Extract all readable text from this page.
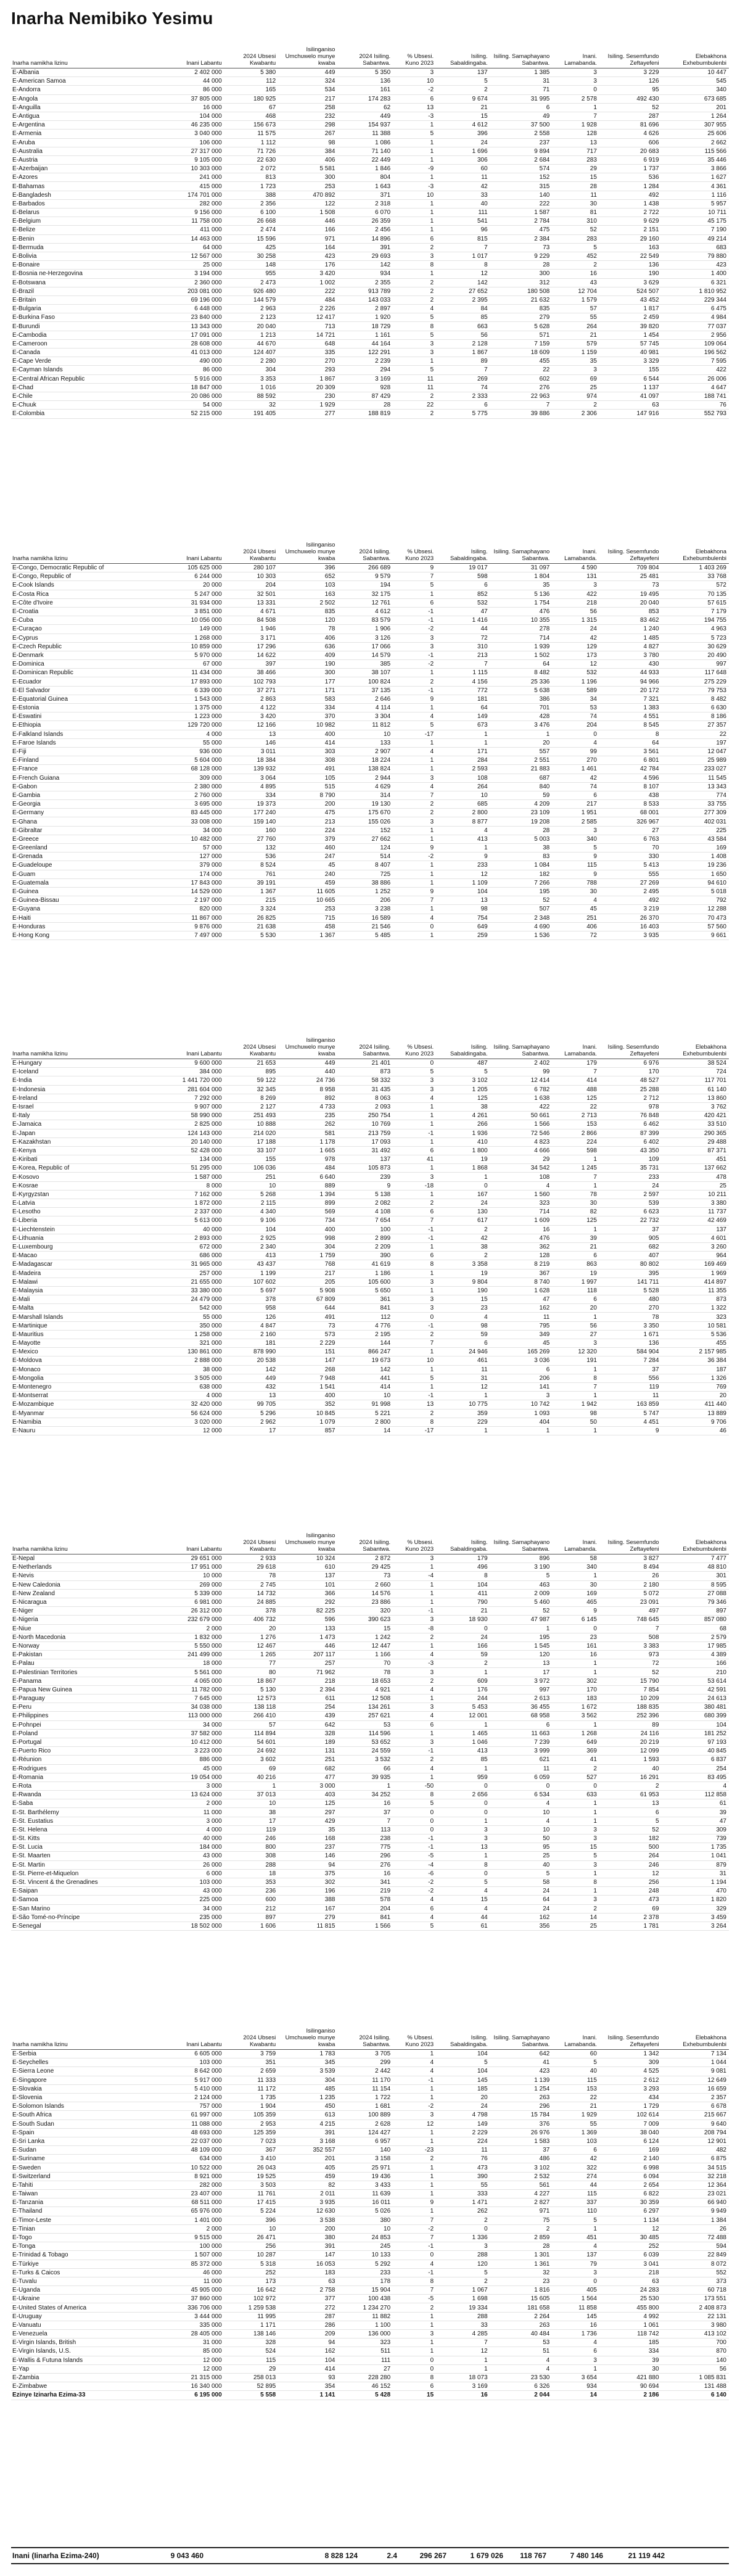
Inarha Nemibiko Yesimu
Inarha namikha lizinu	Inani Labantu	2024 Ubsesi Kwabantu	Isilinganiso Umchuwelo munye kwaba	2024 Isiling. Sabantwa.	% Ubsesi. Kuno 2023	Isiling. Sabaldingaba.	Isiling. Samaphayano Sabantwa.	Inani. Lamabanda.	Isiling. Sesemfundo Zeftayefeni	Elebakhona Exhebumbulenbi
E-Albania	2 402 000	5 380	449	5 350	3	137	1 385	3	3 229	10 447
E-American Samoa	44 000	112	324	136	10	5	31	3	126	545
E-Andorra	86 000	165	534	161	-2	2	71	0	95	340
E-Angola	37 805 000	180 925	217	174 283	6	9 674	31 995	2 578	492 430	673 685
E-Anguilla	16 000	67	258	62	13	21	6	1	52	201
E-Antigua	104 000	468	232	449	-3	15	49	7	287	1 264
E-Argentina	46 235 000	156 673	298	154 937	1	4 612	37 500	1 928	81 696	307 955
E-Armenia	3 040 000	11 575	267	11 388	5	396	2 558	128	4 626	25 606
E-Aruba	106 000	1 112	98	1 086	1	24	237	13	606	2 662
E-Australia	27 317 000	71 726	384	71 140	1	1 696	9 894	717	20 683	115 566
E-Austria	9 105 000	22 630	406	22 449	1	306	2 684	283	6 919	35 446
E-Azerbaijan	10 303 000	2 072	5 581	1 846	-9	60	574	29	1 737	3 866
E-Azores	241 000	813	300	804	1	11	152	15	536	1 627
E-Bahamas	415 000	1 723	253	1 643	-3	42	315	28	1 284	4 361
E-Bangladesh	174 701 000	388	470 892	371	10	33	140	11	492	1 116
E-Barbados	282 000	2 356	122	2 318	1	40	222	30	1 438	5 957
E-Belarus	9 156 000	6 100	1 508	6 070	1	111	1 587	81	2 722	10 711
E-Belgium	11 758 000	26 668	446	26 359	1	541	2 784	310	9 629	45 175
E-Belize	411 000	2 474	166	2 456	1	96	475	52	2 151	7 190
E-Benin	14 463 000	15 596	971	14 896	6	815	2 384	283	29 160	49 214
E-Bermuda	64 000	425	164	391	2	7	73	5	163	683
E-Bolivia	12 567 000	30 258	423	29 693	3	1 017	9 229	452	22 549	79 880
E-Bonaire	25 000	148	176	142	8	8	28	2	136	423
E-Bosnia ne-Herzegovina	3 194 000	955	3 420	934	1	12	300	16	190	1 400
E-Botswana	2 360 000	2 473	1 002	2 355	2	142	312	43	3 629	6 321
E-Brazil	203 081 000	926 480	222	913 789	2	27 652	180 508	12 704	524 507	1 810 952
E-Britain	69 196 000	144 579	484	143 033	2	2 395	21 632	1 579	43 452	229 344
E-Bulgaria	6 448 000	2 963	2 226	2 897	4	84	835	57	1 817	6 475
E-Burkina Faso	23 840 000	2 123	12 417	1 920	5	85	279	55	2 459	4 984
E-Burundi	13 343 000	20 040	713	18 729	8	663	5 628	264	39 820	77 037
E-Cambodia	17 091 000	1 213	14 721	1 161	5	56	571	21	1 454	2 956
E-Cameroon	28 608 000	44 670	648	44 164	3	2 128	7 159	579	57 745	109 064
E-Canada	41 013 000	124 407	335	122 291	3	1 867	18 609	1 159	40 981	196 562
E-Cape Verde	490 000	2 280	270	2 239	1	89	455	35	3 329	7 595
E-Cayman Islands	86 000	304	293	294	5	7	22	3	155	422
E-Central African Republic	5 916 000	3 353	1 867	3 169	11	269	602	69	6 544	26 006
E-Chad	18 847 000	1 016	20 309	928	11	74	276	25	1 137	4 647
E-Chile	20 086 000	88 592	230	87 429	2	2 333	22 963	974	41 097	188 741
E-Chuuk	54 000	32	1 929	28	22	6	7	2	63	76
E-Colombia	52 215 000	191 405	277	188 819	2	5 775	39 886	2 306	147 916	552 793
Inarha namikha lizinu	Inani Labantu	2024 Ubsesi Kwabantu	Isilinganiso Umchuwelo munye kwaba	2024 Isiling. Sabantwa.	% Ubsesi. Kuno 2023	Isiling. Sabaldingaba.	Isiling. Samaphayano Sabantwa.	Inani. Lamabanda.	Isiling. Sesemfundo Zeftayefeni	Elebakhona Exhebumbulenbi
E-Congo, Democratic Republic of	105 625 000	280 107	396	266 689	9	19 017	31 097	4 590	709 804	1 403 269
E-Congo, Republic of	6 244 000	10 303	652	9 579	7	598	1 804	131	25 481	33 768
E-Cook Islands	20 000	204	103	194	5	6	35	3	73	572
E-Costa Rica	5 247 000	32 501	163	32 175	1	852	5 136	422	19 495	70 135
E-Côte d'Ivoire	31 934 000	13 331	2 502	12 761	6	532	1 754	218	20 040	57 615
E-Croatia	3 851 000	4 671	835	4 612	-1	47	476	56	853	7 179
E-Cuba	10 056 000	84 508	120	83 579	-1	1 416	10 355	1 315	83 462	194 755
E-Curaçao	149 000	1 946	78	1 906	-2	44	278	24	1 240	4 963
E-Cyprus	1 268 000	3 171	406	3 126	3	72	714	42	1 485	5 723
E-Czech Republic	10 859 000	17 296	636	17 066	3	310	1 939	129	4 827	30 629
E-Denmark	5 970 000	14 622	409	14 579	-1	213	1 502	173	3 780	20 490
E-Dominica	67 000	397	190	385	-2	7	64	12	430	997
E-Dominican Republic	11 434 000	38 466	300	38 107	1	1 115	8 482	532	44 933	117 648
E-Ecuador	17 893 000	102 793	177	100 824	2	4 156	25 336	1 196	94 966	275 229
E-El Salvador	6 339 000	37 271	171	37 135	-1	772	5 638	589	20 172	79 753
E-Equatorial Guinea	1 543 000	2 863	583	2 646	9	181	386	34	7 321	8 482
E-Estonia	1 375 000	4 122	334	4 114	1	64	701	53	1 383	6 630
E-Eswatini	1 223 000	3 420	370	3 304	4	149	428	74	4 551	8 186
E-Ethiopia	129 720 000	12 166	10 982	11 812	5	673	3 476	204	8 545	27 357
E-Falkland Islands	4 000	13	400	10	-17	1	1	0	8	22
E-Faroe Islands	55 000	146	414	133	1	1	20	4	64	197
E-Fiji	936 000	3 011	303	2 907	4	171	557	99	3 561	12 047
E-Finland	5 604 000	18 384	308	18 224	1	284	2 551	270	6 801	25 989
E-France	68 128 000	139 932	491	138 824	1	2 593	21 883	1 461	42 784	233 027
E-French Guiana	309 000	3 064	105	2 944	3	108	687	42	4 596	11 545
E-Gabon	2 380 000	4 895	515	4 629	4	264	840	74	8 107	13 343
E-Gambia	2 760 000	334	8 790	314	7	10	59	6	438	774
E-Georgia	3 695 000	19 373	200	19 130	2	685	4 209	217	8 533	33 755
E-Germany	83 445 000	177 240	475	175 670	2	2 800	23 109	1 951	68 001	277 309
E-Ghana	33 008 000	159 140	213	155 026	3	8 877	19 208	2 585	326 967	402 031
E-Gibraltar	34 000	160	224	152	1	4	28	3	27	225
E-Greece	10 482 000	27 760	379	27 662	1	413	5 003	340	6 763	43 584
E-Greenland	57 000	132	460	124	9	1	38	5	70	169
E-Grenada	127 000	536	247	514	-2	9	83	9	330	1 408
E-Guadeloupe	379 000	8 524	45	8 407	1	233	1 084	115	5 413	19 236
E-Guam	174 000	761	240	725	1	12	182	9	555	1 650
E-Guatemala	17 843 000	39 191	459	38 886	1	1 109	7 266	788	27 269	94 610
E-Guinea	14 529 000	1 367	11 605	1 252	9	104	195	30	2 495	5 018
E-Guinea-Bissau	2 197 000	215	10 665	206	7	13	52	4	492	792
E-Guyana	820 000	3 324	253	3 238	1	98	507	45	3 219	12 288
E-Haiti	11 867 000	26 825	715	16 589	4	754	2 348	251	26 370	70 473
E-Honduras	9 876 000	21 638	458	21 546	0	649	4 690	406	16 403	57 560
E-Hong Kong	7 497 000	5 530	1 367	5 485	1	259	1 536	72	3 935	9 661
Inarha namikha lizinu	Inani Labantu	2024 Ubsesi Kwabantu	Isilinganiso Umchuwelo munye kwaba	2024 Isiling. Sabantwa.	% Ubsesi. Kuno 2023	Isiling. Sabaldingaba.	Isiling. Samaphayano Sabantwa.	Inani. Lamabanda.	Isiling. Sesemfundo Zeftayefeni	Elebakhona Exhebumbulenbi
E-Hungary	9 600 000	21 653	449	21 401	0	487	2 402	179	6 976	38 524
E-Iceland	384 000	895	440	873	5	5	99	7	170	724
E-India	1 441 720 000	59 122	24 736	58 332	3	3 102	12 414	414	48 527	117 701
E-Indonesia	281 604 000	32 345	8 958	31 435	3	1 205	6 782	488	25 288	61 140
E-Ireland	7 292 000	8 269	892	8 063	4	125	1 638	125	2 712	13 860
E-Israel	9 907 000	2 127	4 733	2 093	1	38	422	22	978	3 762
E-Italy	58 990 000	251 493	235	250 754	1	4 261	50 661	2 713	76 848	420 421
E-Jamaica	2 825 000	10 888	262	10 769	1	266	1 566	153	6 462	33 510
E-Japan	124 143 000	214 020	581	213 759	-1	1 936	72 546	2 866	87 399	290 365
E-Kazakhstan	20 140 000	17 188	1 178	17 093	1	410	4 823	224	6 402	29 488
E-Kenya	52 428 000	33 107	1 665	31 492	6	1 800	4 666	598	43 350	87 371
E-Kiribati	134 000	155	978	137	41	19	29	1	109	451
E-Korea, Republic of	51 295 000	106 036	484	105 873	1	1 868	34 542	1 245	35 731	137 662
E-Kosovo	1 587 000	251	6 640	239	3	1	108	7	233	478
E-Kosrae	8 000	10	889	9	-18	0	4	1	24	25
E-Kyrgyzstan	7 162 000	5 268	1 394	5 138	1	167	1 560	78	2 597	10 211
E-Latvia	1 872 000	2 115	899	2 082	2	24	323	30	539	3 380
E-Lesotho	2 337 000	4 340	569	4 108	6	130	714	82	6 623	11 737
E-Liberia	5 613 000	9 106	734	7 654	7	617	1 609	125	22 732	42 469
E-Liechtenstein	40 000	104	400	100	-1	2	16	1	37	137
E-Lithuania	2 893 000	2 925	998	2 899	-1	42	476	39	905	4 601
E-Luxembourg	672 000	2 340	304	2 209	1	38	362	21	682	3 260
E-Macao	686 000	413	1 759	390	6	2	128	6	407	964
E-Madagascar	31 965 000	43 437	768	41 619	8	3 358	8 219	863	80 802	169 469
E-Madeira	257 000	1 199	217	1 186	1	19	367	19	395	1 969
E-Malawi	21 655 000	107 602	205	105 600	3	9 804	8 740	1 997	141 711	414 897
E-Malaysia	33 380 000	5 697	5 908	5 650	1	190	1 628	118	5 528	11 355
E-Mali	24 479 000	378	67 809	361	3	15	47	6	480	873
E-Malta	542 000	958	644	841	3	23	162	20	270	1 322
E-Marshall Islands	55 000	126	491	112	0	4	11	1	78	323
E-Martinique	350 000	4 847	73	4 776	-1	98	795	56	3 350	10 581
E-Mauritius	1 258 000	2 160	573	2 195	2	59	349	27	1 671	5 536
E-Mayotte	321 000	181	2 229	144	7	6	45	3	136	455
E-Mexico	130 861 000	878 990	151	866 247	1	24 946	165 269	12 320	584 904	2 157 985
E-Moldova	2 888 000	20 538	147	19 673	10	461	3 036	191	7 284	36 384
E-Monaco	38 000	142	268	142	1	11	6	1	37	187
E-Mongolia	3 505 000	449	7 948	441	5	31	206	8	556	1 326
E-Montenegro	638 000	432	1 541	414	1	12	141	7	119	769
E-Montserrat	4 000	13	400	10	-1	1	3	1	11	20
E-Mozambique	32 420 000	99 705	352	91 998	13	10 775	10 742	1 942	163 859	411 440
E-Myanmar	56 624 000	5 296	10 845	5 221	2	359	1 093	98	5 747	13 889
E-Namibia	3 020 000	2 962	1 079	2 800	8	229	404	50	4 451	9 706
E-Nauru	12 000	17	857	14	-17	1	1	1	9	46
Inarha namikha lizinu	Inani Labantu	2024 Ubsesi Kwabantu	Isilinganiso Umchuwelo munye kwaba	2024 Isiling. Sabantwa.	% Ubsesi. Kuno 2023	Isiling. Sabaldingaba.	Isiling. Samaphayano Sabantwa.	Inani. Lamabanda.	Isiling. Sesemfundo Zeftayefeni	Elebakhona Exhebumbulenbi
E-Nepal	29 651 000	2 933	10 324	2 872	3	179	896	58	3 827	7 477
E-Netherlands	17 951 000	29 618	610	29 425	1	496	3 190	340	8 494	48 810
E-Nevis	10 000	78	137	73	-4	8	5	1	26	301
E-New Caledonia	269 000	2 745	101	2 660	1	104	463	30	2 180	8 595
E-New Zealand	5 339 000	14 732	366	14 576	1	411	2 009	169	5 072	27 088
E-Nicaragua	6 981 000	24 885	292	23 886	1	790	5 460	465	23 091	79 346
E-Niger	26 312 000	378	82 225	320	-1	21	52	9	497	897
E-Nigeria	232 679 000	406 732	596	390 623	3	18 930	47 987	6 145	748 645	857 080
E-Niue	2 000	20	133	15	-8	0	1	0	7	68
E-North Macedonia	1 832 000	1 276	1 473	1 242	2	24	195	23	508	2 579
E-Norway	5 550 000	12 467	446	12 447	1	166	1 545	161	3 383	17 985
E-Pakistan	241 499 000	1 265	207 117	1 166	4	59	120	16	973	4 389
E-Palau	18 000	77	257	70	-3	2	13	1	72	166
E-Palestinian Territories	5 561 000	80	71 962	78	3	1	17	1	52	210
E-Panama	4 065 000	18 867	218	18 653	2	609	3 972	302	15 790	53 614
E-Papua New Guinea	11 782 000	5 130	2 394	4 921	4	176	997	170	7 854	42 591
E-Paraguay	7 645 000	12 573	611	12 508	1	244	2 613	183	10 209	24 613
E-Peru	34 038 000	138 118	254	134 261	3	5 453	36 455	1 672	188 835	380 481
E-Philippines	113 000 000	266 410	439	257 621	4	12 001	68 958	3 562	252 396	680 399
E-Pohnpei	34 000	57	642	53	6	1	6	1	89	104
E-Poland	37 582 000	114 894	328	114 596	1	1 465	11 663	1 268	24 116	181 252
E-Portugal	10 412 000	54 601	189	53 652	3	1 046	7 239	649	20 219	97 193
E-Puerto Rico	3 223 000	24 692	131	24 559	-1	413	3 999	369	12 099	40 845
E-Réunion	886 000	3 602	251	3 532	2	85	621	41	1 593	6 837
E-Rodrigues	45 000	69	682	66	4	1	11	2	40	254
E-Romania	19 054 000	40 216	477	39 935	1	959	6 059	527	16 291	83 495
E-Rota	3 000	1	3 000	1	-50	0	0	0	2	4
E-Rwanda	13 624 000	37 013	403	34 252	8	2 656	6 534	633	61 953	112 858
E-Saba	2 000	10	125	16	5	0	4	1	13	61
E-St. Barthélemy	11 000	38	297	37	0	0	10	1	6	39
E-St. Eustatius	3 000	17	429	7	0	1	4	1	5	47
E-St. Helena	4 000	119	35	113	0	3	10	3	52	309
E-St. Kitts	40 000	246	168	238	-1	3	50	3	182	739
E-St. Lucia	184 000	800	237	775	-1	13	95	15	500	1 735
E-St. Maarten	43 000	308	146	296	-5	1	25	5	264	1 041
E-St. Martin	26 000	288	94	276	-4	8	40	3	246	879
E-St. Pierre-et-Miquelon	6 000	18	375	16	-6	0	5	1	12	31
E-St. Vincent & the Grenadines	103 000	353	302	341	-2	5	58	8	256	1 194
E-Saipan	43 000	236	196	219	-2	4	24	1	248	470
E-Samoa	225 000	600	388	578	4	15	64	3	473	1 820
E-San Marino	34 000	212	167	204	6	4	24	2	69	329
E-São Tomé-no-Príncipe	235 000	897	279	841	4	44	162	14	2 378	3 459
E-Senegal	18 502 000	1 606	11 815	1 566	5	61	356	25	1 781	3 264
Inarha namikha lizinu	Inani Labantu	2024 Ubsesi Kwabantu	Isilinganiso Umchuwelo munye kwaba	2024 Isiling. Sabantwa.	% Ubsesi. Kuno 2023	Isiling. Sabaldingaba.	Isiling. Samaphayano Sabantwa.	Inani. Lamabanda.	Isiling. Sesemfundo Zeftayefeni	Elebakhona Exhebumbulenbi
E-Serbia	6 605 000	3 759	1 783	3 705	1	104	642	60	1 342	7 134
E-Seychelles	103 000	351	345	299	4	5	41	5	309	1 044
E-Sierra Leone	8 642 000	2 659	3 539	2 442	4	104	423	40	4 525	9 081
E-Singapore	5 917 000	11 333	304	11 170	-1	145	1 139	115	2 612	12 649
E-Slovakia	5 410 000	11 172	485	11 154	1	185	1 254	153	3 293	16 659
E-Slovenia	2 124 000	1 735	1 235	1 722	1	20	263	22	434	2 357
E-Solomon Islands	757 000	1 904	450	1 681	-2	24	296	21	1 729	6 678
E-South Africa	61 997 000	105 359	613	100 889	3	4 798	15 784	1 929	102 614	215 667
E-South Sudan	11 088 000	2 953	4 215	2 628	12	149	376	55	7 009	9 640
E-Spain	48 693 000	125 359	391	124 427	1	2 229	26 976	1 369	38 040	208 794
E-Sri Lanka	22 037 000	7 023	3 168	6 957	1	224	1 583	103	6 124	12 901
E-Sudan	48 109 000	367	352 557	140	-23	11	37	6	169	482
E-Suriname	634 000	3 410	201	3 158	2	76	486	42	2 140	6 875
E-Sweden	10 522 000	26 043	405	25 971	1	473	3 102	322	6 998	34 515
E-Switzerland	8 921 000	19 525	459	19 436	1	390	2 532	274	6 094	32 218
E-Tahiti	282 000	3 503	82	3 433	1	55	561	44	2 654	12 364
E-Taiwan	23 407 000	11 761	2 011	11 639	1	333	4 227	115	6 822	23 021
E-Tanzania	68 511 000	17 415	3 935	16 011	9	1 471	2 827	337	30 359	66 940
E-Thailand	65 976 000	5 224	12 630	5 026	1	262	971	110	6 297	9 949
E-Timor-Leste	1 401 000	396	3 538	380	7	2	75	5	1 134	1 384
E-Tinian	2 000	10	200	10	-2	0	2	1	12	26
E-Togo	9 515 000	26 471	380	24 853	7	1 336	2 859	451	30 485	72 488
E-Tonga	100 000	256	391	245	-1	3	28	4	252	594
E-Trinidad & Tobago	1 507 000	10 287	147	10 133	0	288	1 301	137	6 039	22 849
E-Türkiye	85 372 000	5 318	16 053	5 292	4	120	1 361	79	3 041	8 072
E-Turks & Caicos	46 000	252	183	233	-1	5	32	3	218	552
E-Tuvalu	11 000	173	63	178	8	2	23	0	63	373
E-Uganda	45 905 000	16 642	2 758	15 904	7	1 067	1 816	405	24 283	60 718
E-Ukraine	37 860 000	102 972	377	100 438	-5	1 698	15 605	1 564	25 530	173 551
E-United States of America	336 706 000	1 259 538	272	1 234 270	2	19 334	181 658	11 858	455 800	2 408 873
E-Uruguay	3 444 000	11 995	287	11 882	1	288	2 264	145	4 992	22 131
E-Vanuatu	335 000	1 171	286	1 100	1	33	263	16	1 061	3 980
E-Venezuela	28 405 000	138 146	209	136 000	3	4 285	40 484	1 736	118 742	413 102
E-Virgin Islands, British	31 000	328	94	323	1	7	53	4	185	700
E-Virgin Islands, U.S.	85 000	524	162	511	1	12	51	6	334	870
E-Wallis & Futuna Islands	12 000	115	104	111	0	1	4	3	39	140
E-Yap	12 000	29	414	27	0	1	4	1	30	56
E-Zambia	21 315 000	258 013	93	228 280	8	18 073	23 530	3 654	421 880	1 085 831
E-Zimbabwe	16 340 000	52 895	354	46 152	6	3 169	6 326	934	90 694	131 488
Ezinye Izinarha Ezima-33	6 195 000	5 558	1 141	5 428	15	16	2 044	14	2 186	6 140
Inani (Iinarha Ezima-240)	9 043 460	8 828 124	2.4	296 267	1 679 026	118 767	7 480 146	21 119 442
